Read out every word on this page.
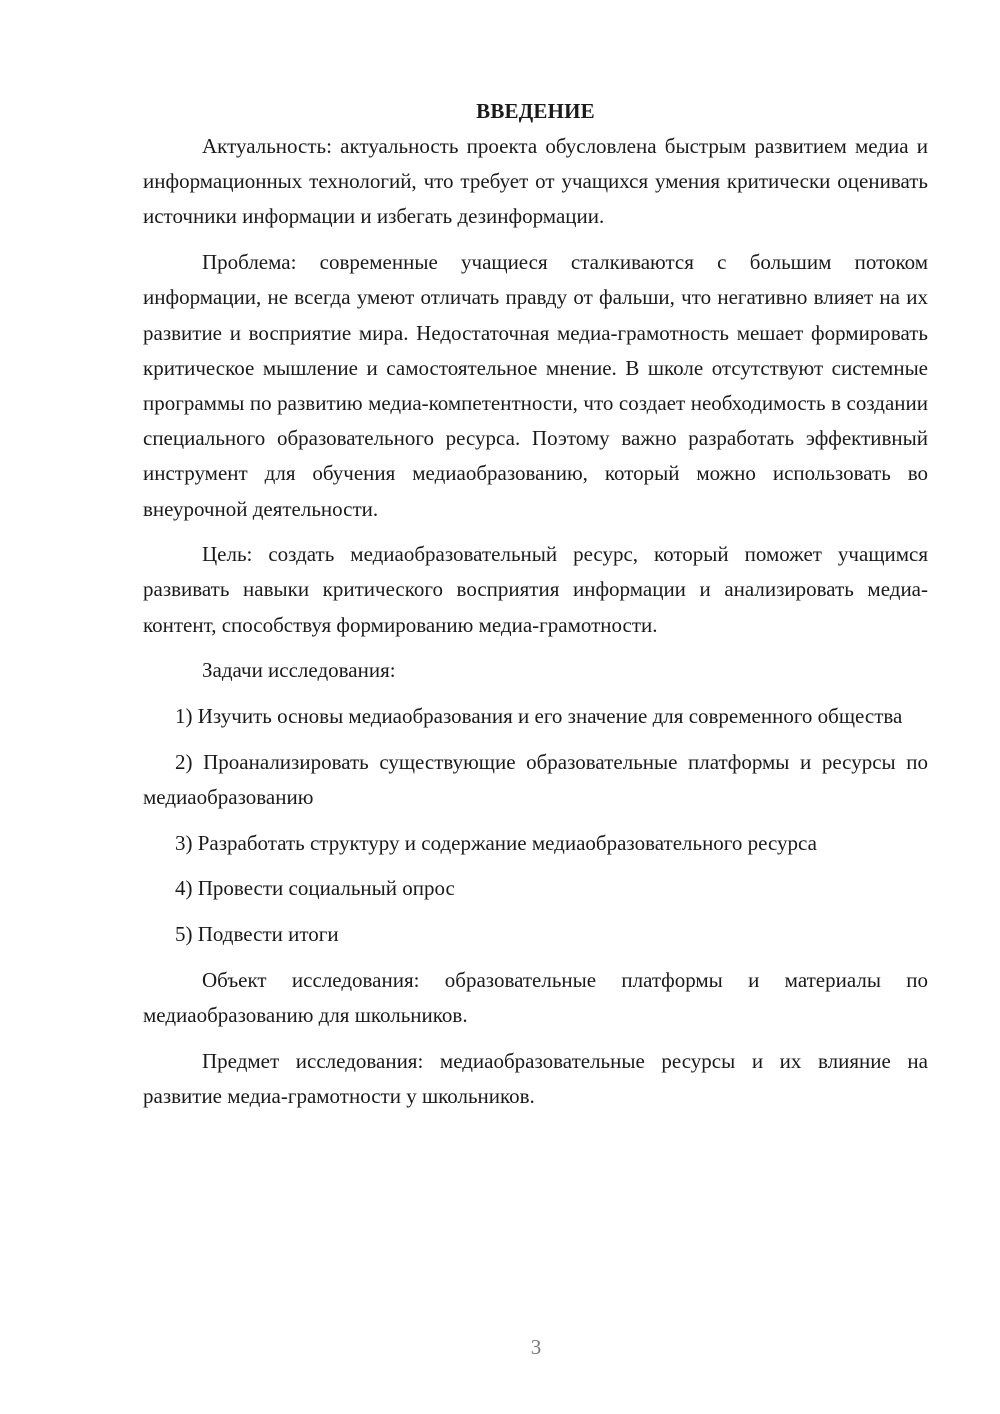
ВВЕДЕНИЕ

Актуальность: актуальность проекта обусловлена быстрым развитием медиа и информационных технологий, что требует от учащихся умения критически оценивать источники информации и избегать дезинформации.

Проблема: современные учащиеся сталкиваются с большим потоком информации, не всегда умеют отличать правду от фальши, что негативно влияет на их развитие и восприятие мира. Недостаточная медиа-грамотность мешает формировать критическое мышление и самостоятельное мнение. В школе отсутствуют системные программы по развитию медиа-компетентности, что создает необходимость в создании специального образовательного ресурса. Поэтому важно разработать эффективный инструмент для обучения медиаобразованию, который можно использовать во внеурочной деятельности.

Цель: создать медиаобразовательный ресурс, который поможет учащимся развивать навыки критического восприятия информации и анализировать медиа-контент, способствуя формированию медиа-грамотности.

Задачи исследования:

1) Изучить основы медиаобразования и его значение для современного общества

2) Проанализировать существующие образовательные платформы и ресурсы по медиаобразованию

3) Разработать структуру и содержание медиаобразовательного ресурса

4) Провести социальный опрос

5) Подвести итоги

Объект исследования: образовательные платформы и материалы по медиаобразованию для школьников.

Предмет исследования: медиаобразовательные ресурсы и их влияние на развитие медиа-грамотности у школьников.

3
